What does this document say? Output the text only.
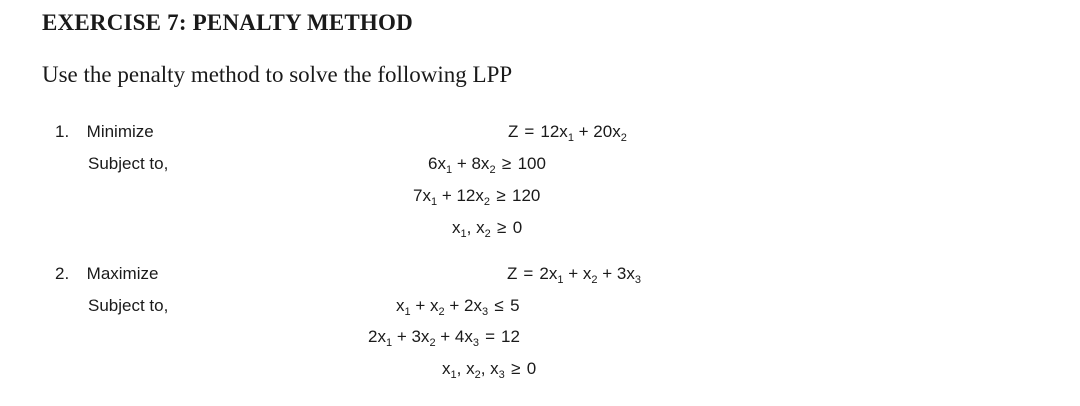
EXERCISE 7: PENALTY METHOD
Use the penalty method to solve the following LPP
1. Minimize
Subject to,
$Z = 12x_1 + 20x_2$
$6x_1 + 8x_2 \ge 100$
$7x_1 + 12x_2 \ge 120$
$x_1$, $x_2 \ge 0$
2. Maximize
Subject to,
$Z = 2x_1 + x_2 + 3x_3$
$x_1 + x_2 + 2x_3 \le 5$
$2x_1 + 3x_2 + 4x_3 = 12$
$x_1$, $x_2$, $x_3 \ge 0$
